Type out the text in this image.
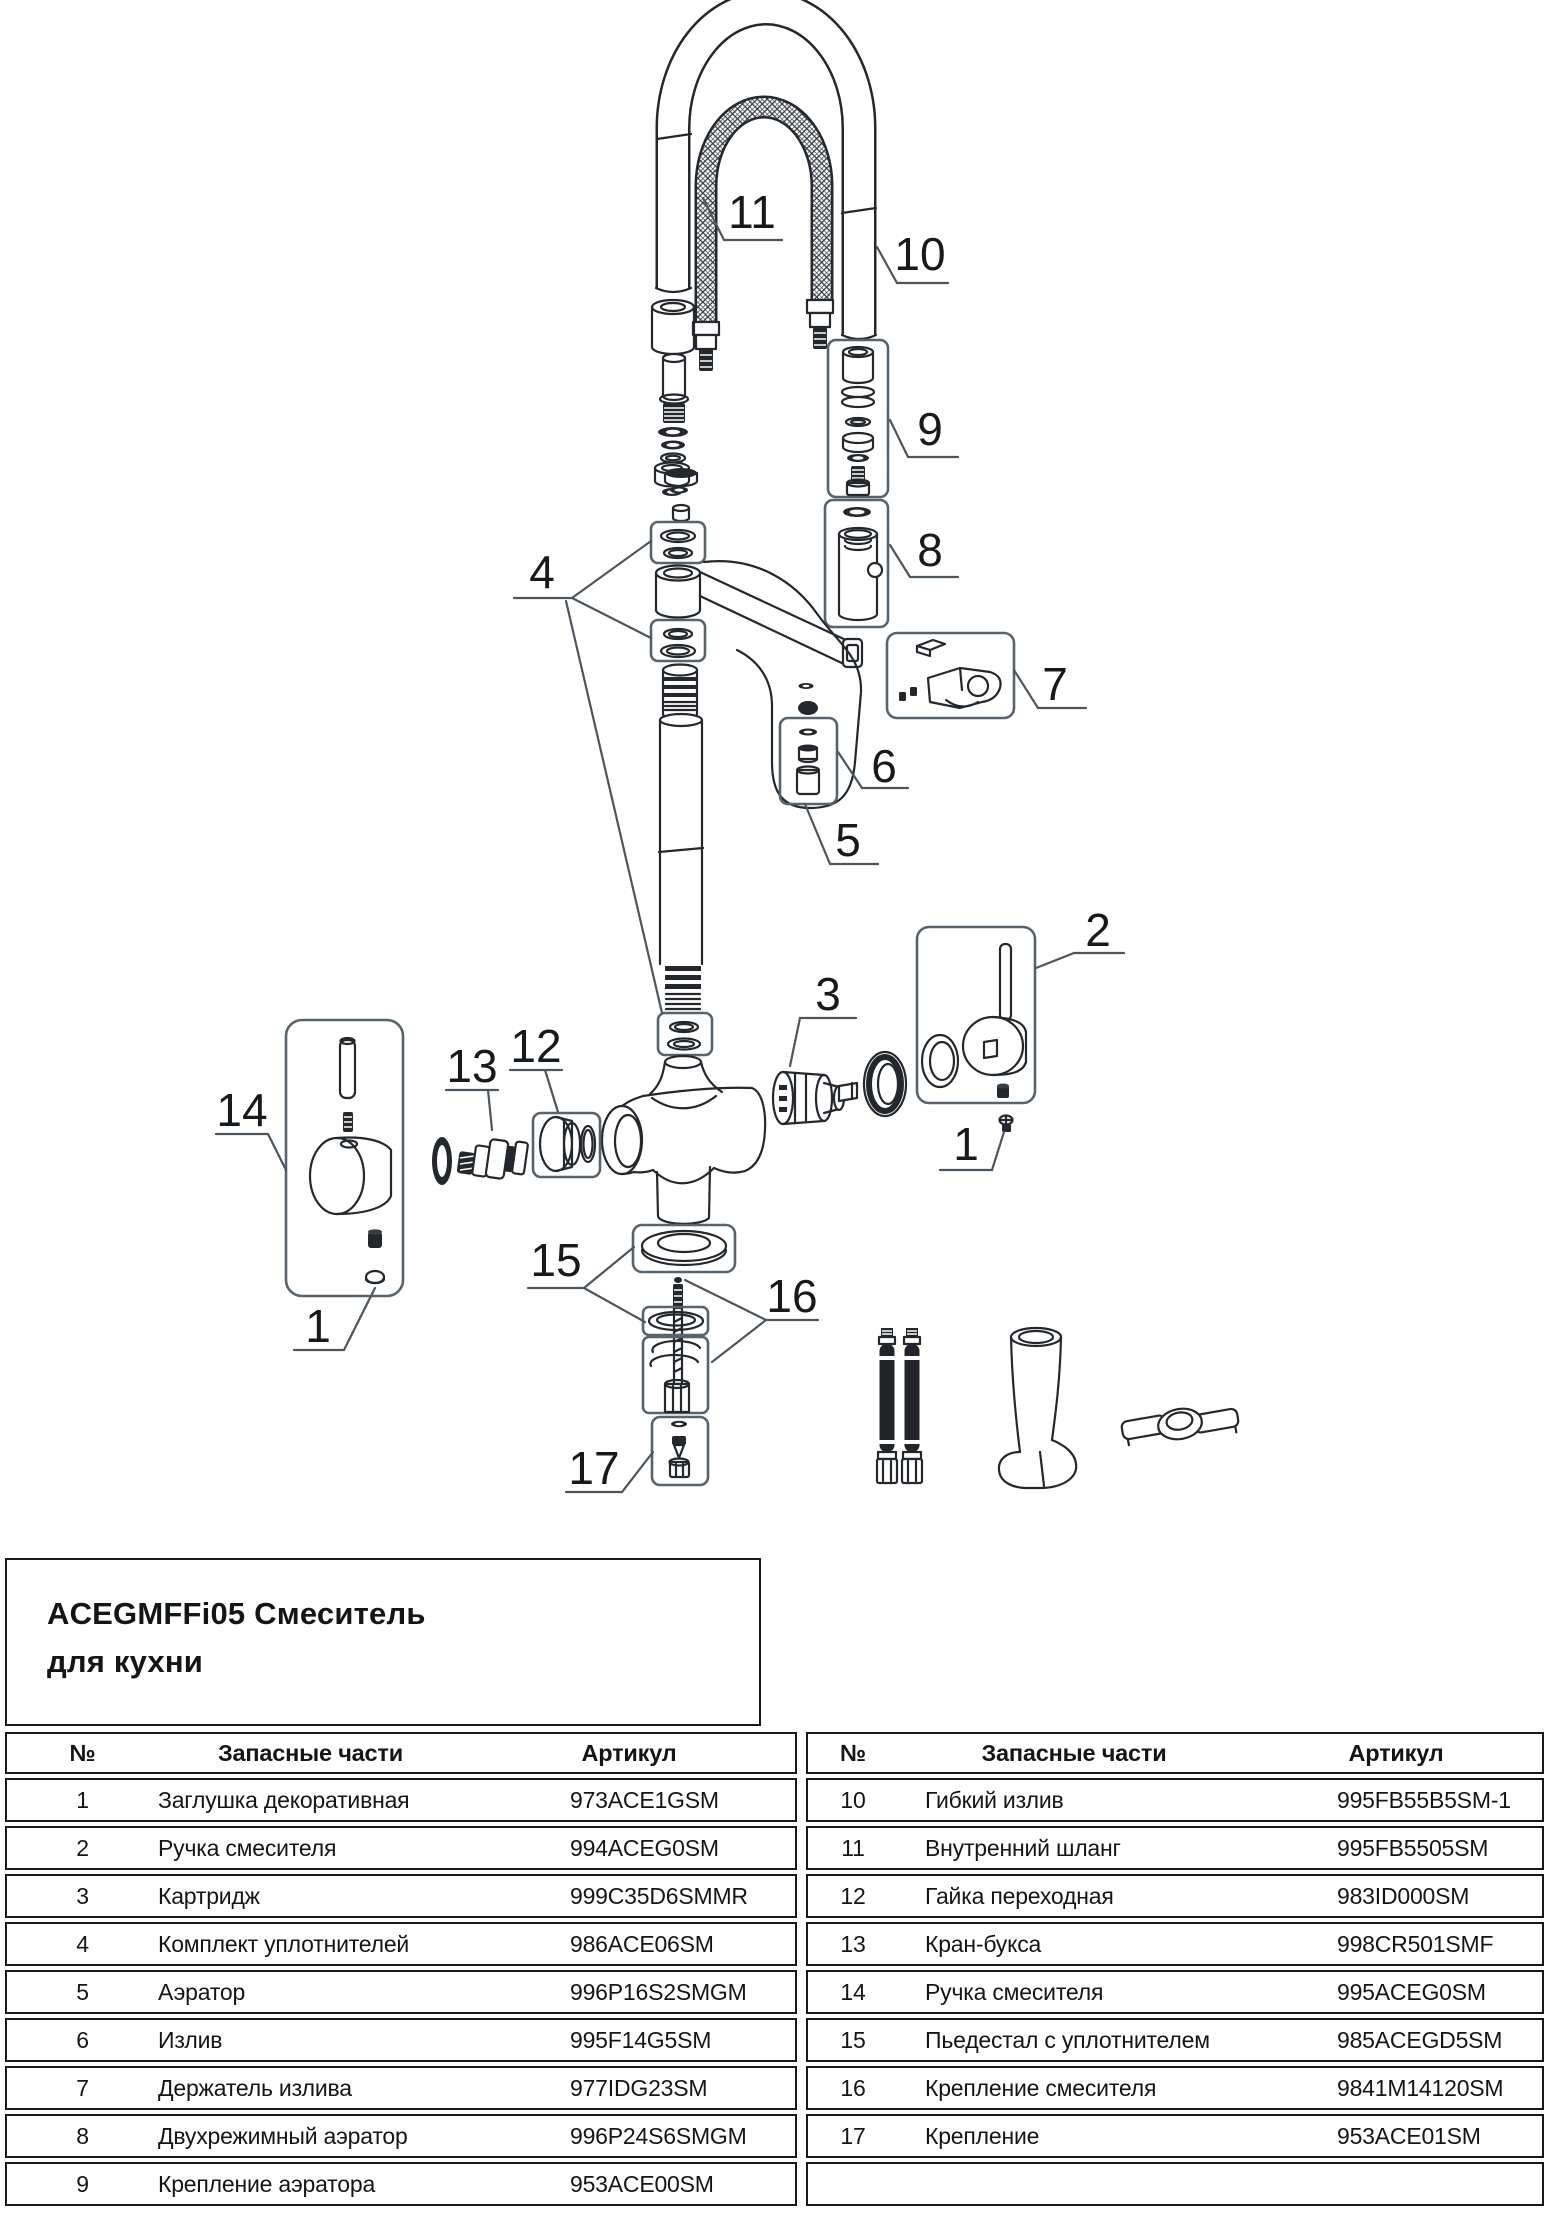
4
11
10
9
8
7
6
5
2
3
12
13
14
1
15
16
1
17
ACEGMFFi05 Смеситель
для кухни
№	Запасные части	Артикул
1	Заглушка декоративная	973ACE1GSM
2	Ручка смесителя	994ACEG0SM
3	Картридж	999C35D6SMMR
4	Комплект уплотнителей	986ACE06SM
5	Аэратор	996P16S2SMGM
6	Излив	995F14G5SM
7	Держатель излива	977IDG23SM
8	Двухрежимный аэратор	996P24S6SMGM
9	Крепление аэратора	953ACE00SM
№	Запасные части	Артикул
10	Гибкий излив	995FB55B5SM-1
11	Внутренний шланг	995FB5505SM
12	Гайка переходная	983ID000SM
13	Кран-букса	998CR501SMF
14	Ручка смесителя	995ACEG0SM
15	Пьедестал с уплотнителем	985ACEGD5SM
16	Крепление смесителя	9841M14120SM
17	Крепление	953ACE01SM
